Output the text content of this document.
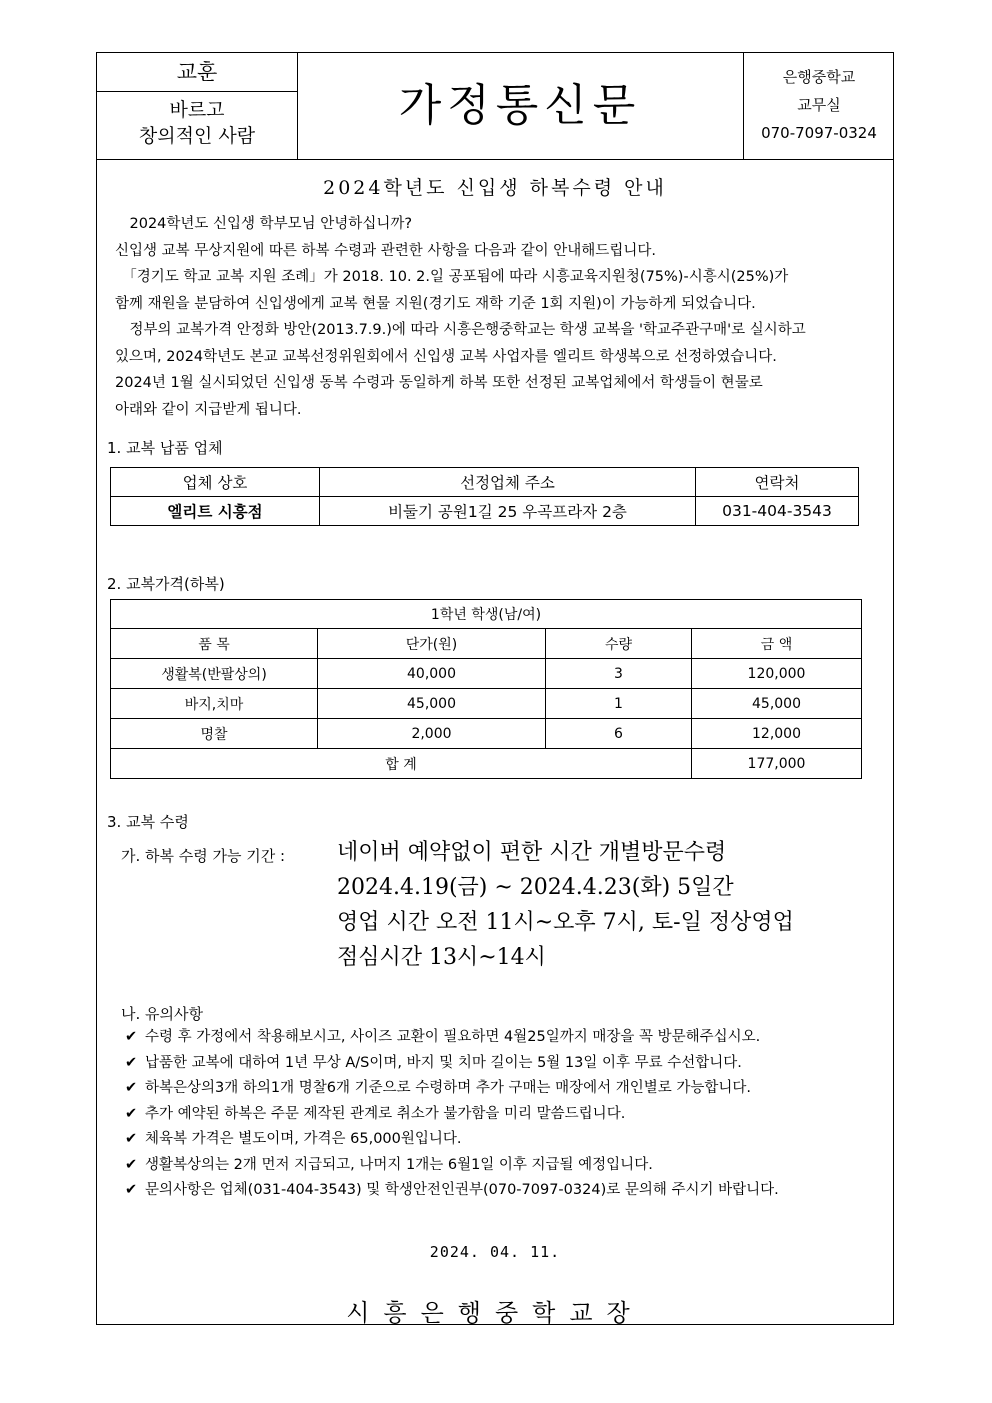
교훈
바르고
창의적인 사람
가정통신문
은행중학교
교무실
070-7097-0324
2024학년도 신입생 하복수령 안내

　2024학년도 신입생 학부모님 안녕하십니까?

신입생 교복 무상지원에 따른 하복 수령과 관련한 사항을 다음과 같이 안내해드립니다.

　「경기도 학교 교복 지원 조례」가 2018. 10. 2.일 공포됨에 따라 시흥교육지원청(75%)-시흥시(25%)가

함께 재원을 분담하여 신입생에게 교복 현물 지원(경기도 재학 기준 1회 지원)이 가능하게 되었습니다.

　정부의 교복가격 안정화 방안(2013.7.9.)에 따라 시흥은행중학교는 학생 교복을 '학교주관구매'로 실시하고

있으며, 2024학년도 본교 교복선정위원회에서 신입생 교복 사업자를 엘리트 학생복으로 선정하였습니다.

2024년 1월 실시되었던 신입생 동복 수령과 동일하게 하복 또한 선정된 교복업체에서 학생들이 현물로

아래와 같이 지급받게 됩니다.

1. 교복 납품 업체
업체 상호	선정업체 주소	연락처
엘리트 시흥점	비둘기 공원1길 25 우곡프라자 2층	031-404-3543
2. 교복가격(하복)
1학년 학생(남/여)			
품 목	단가(원)	수량	금 액
생활복(반팔상의)	40,000	3	120,000
바지,치마	45,000	1	45,000
명찰	2,000	6	12,000
합 계			177,000
3. 교복 수령
가. 하복 수령 가능 기간 : 네이버 예약없이 편한 시간 개별방문수령
2024.4.19(금) ~ 2024.4.23(화) 5일간
영업 시간 오전 11시~오후 7시, 토-일 정상영업
점심시간 13시~14시
나. 유의사항
✔ 수령 후 가정에서 착용해보시고, 사이즈 교환이 필요하면 4월25일까지 매장을 꼭 방문해주십시오.
✔ 납품한 교복에 대하여 1년 무상 A/S이며, 바지 및 치마 길이는 5월 13일 이후 무료 수선합니다.
✔ 하복은상의3개 하의1개 명찰6개 기준으로 수령하며 추가 구매는 매장에서 개인별로 가능합니다.
✔ 추가 예약된 하복은 주문 제작된 관계로 취소가 불가함을 미리 말씀드립니다.
✔ 체육복 가격은 별도이며, 가격은 65,000원입니다.
✔ 생활복상의는 2개 먼저 지급되고, 나머지 1개는 6월1일 이후 지급될 예정입니다.
✔ 문의사항은 업체(031-404-3543) 및 학생안전인권부(070-7097-0324)로 문의해 주시기 바랍니다.
2024. 04. 11.
시흥은행중학교장
